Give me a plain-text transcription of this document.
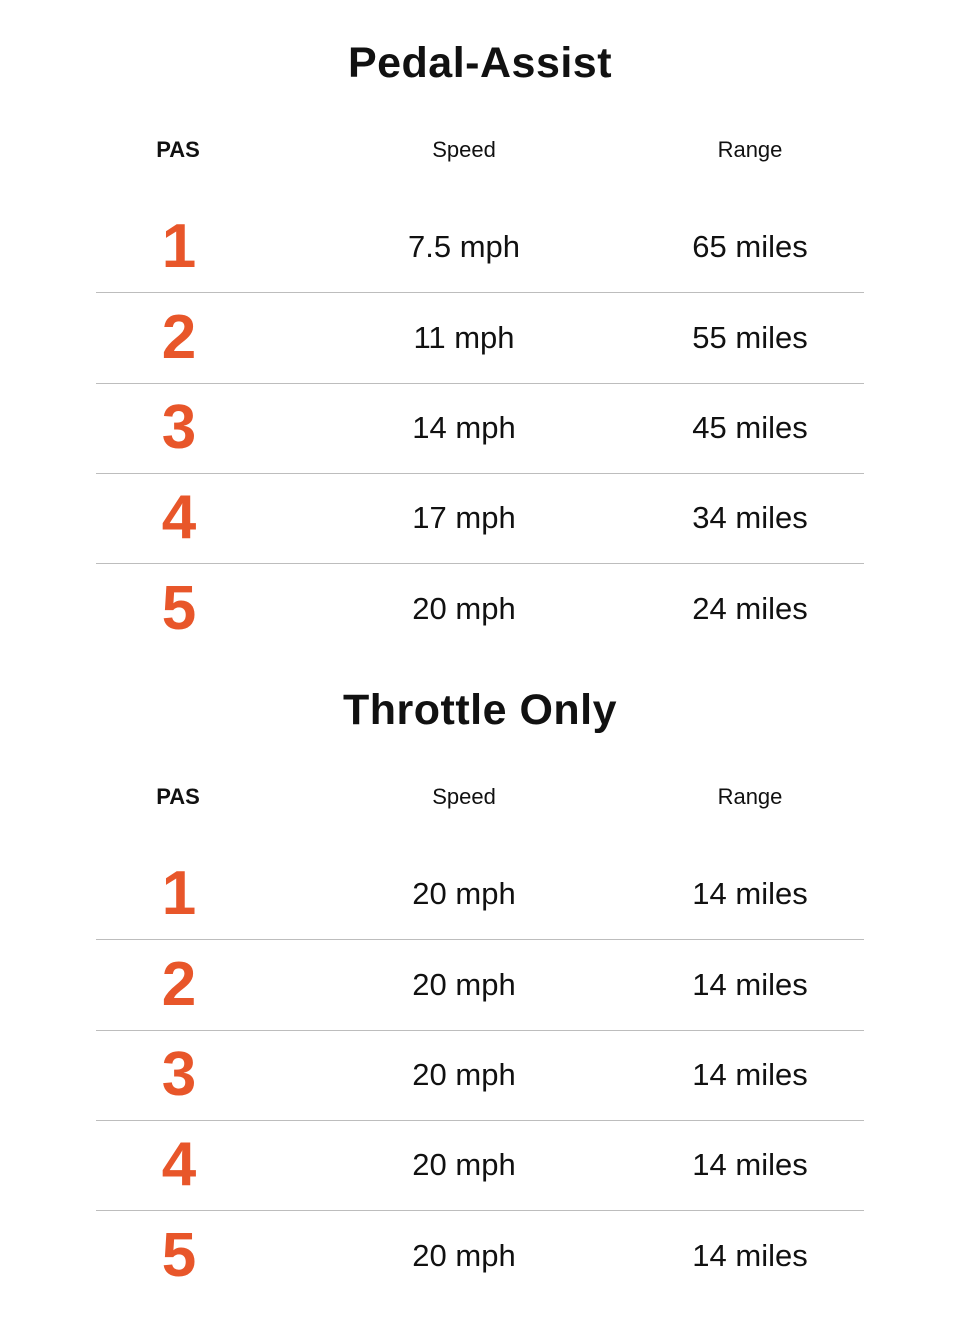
Pedal-Assist
PAS	Speed	Range
1	7.5 mph	65 miles
2	11 mph	55 miles
3	14 mph	45 miles
4	17 mph	34 miles
5	20 mph	24 miles
Throttle Only
PAS	Speed	Range
1	20 mph	14 miles
2	20 mph	14 miles
3	20 mph	14 miles
4	20 mph	14 miles
5	20 mph	14 miles
